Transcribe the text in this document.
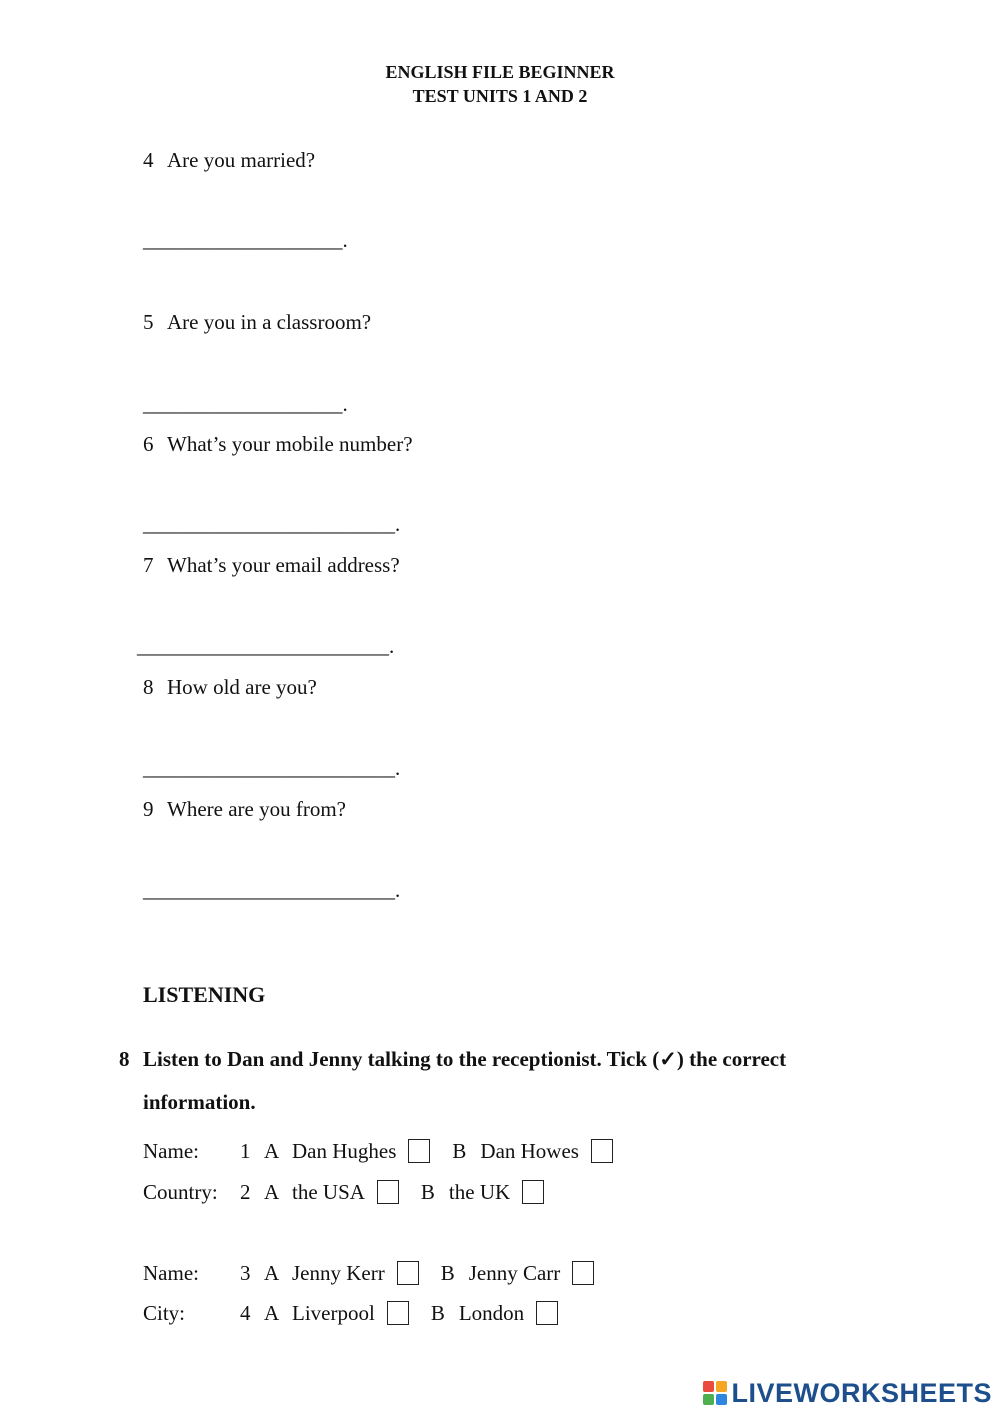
ENGLISH FILE BEGINNER
TEST UNITS 1 AND 2
4 Are you married?
___________________.
5 Are you in a classroom?
___________________.
6 What’s your mobile number?
________________________.
7 What’s your email address?
________________________.
8 How old are you?
________________________.
9 Where are you from?
________________________.
LISTENING
8 Listen to Dan and Jenny talking to the receptionist. Tick (✓) the correct
information.
Name:	1 A Dan Hughes	B Dan Howes
Country:	2 A the USA	B the UK
Name:	3 A Jenny Kerr	B Jenny Carr
City:	4 A Liverpool	B London
LIVEWORKSHEETS
